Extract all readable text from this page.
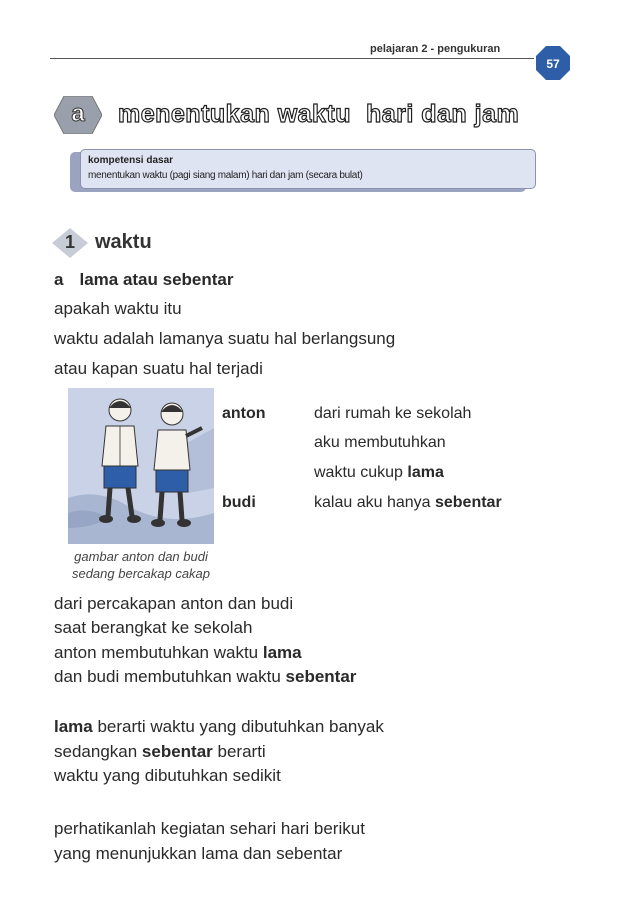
pelajaran 2 - pengukuran
57
a	menentukan waktu  hari dan jam
kompetensi dasar
menentukan waktu (pagi siang malam) hari dan jam (secara bulat)
1	waktu
a lama atau sebentar
apakah waktu itu
waktu adalah lamanya suatu hal berlangsung
atau kapan suatu hal terjadi
gambar anton dan budi
sedang bercakap cakap
anton	dari rumah ke sekolah
aku membutuhkan
waktu cukup lama
budi	kalau aku hanya sebentar
dari percakapan anton dan budi
saat berangkat ke sekolah
anton membutuhkan waktu lama
dan budi membutuhkan waktu sebentar
lama berarti waktu yang dibutuhkan banyak
sedangkan sebentar berarti
waktu yang dibutuhkan sedikit
perhatikanlah kegiatan sehari hari berikut
yang menunjukkan lama dan sebentar
